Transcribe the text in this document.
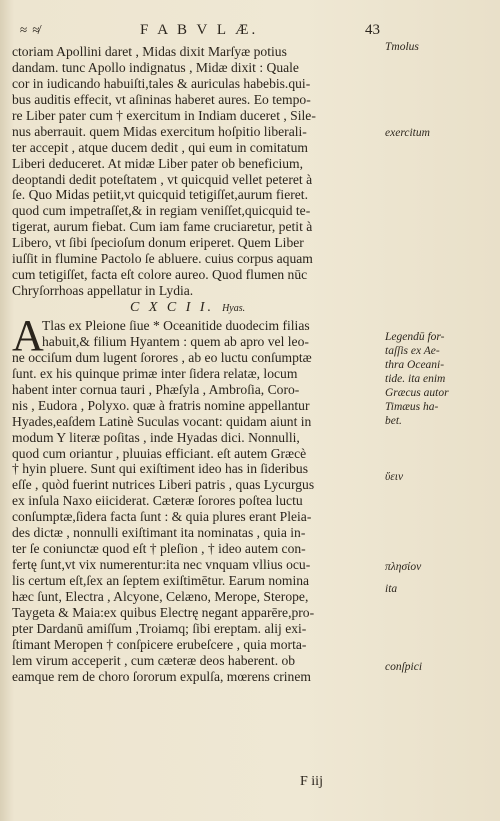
≈ ≉	F A B V L Æ.	43
ctoriam Apollini daret , Midas dixit Marſyæ potius
dandam. tunc Apollo indignatus , Midæ dixit : Quale
cor in iudicando habuiſti,tales & auriculas habebis.qui-
bus auditis effecit, vt aſininas haberet aures. Eo tempo-
re Liber pater cum † exercitum in Indiam duceret , Sile-
nus aberrauit. quem Midas exercitum hoſpitio liberali-
ter accepit , atque ducem dedit , qui eum in comitatum
Liberi deduceret. At midæ Liber pater ob beneficium,
deoptandi dedit poteſtatem , vt quicquid vellet peteret à
ſe. Quo Midas petiit,vt quicquid tetigiſſet,aurum fieret.
quod cum impetraſſet,& in regiam veniſſet,quicquid te-
tigerat, aurum fiebat. Cum iam fame cruciaretur, petit à
Libero, vt ſibi ſpecioſum donum eriperet. Quem Liber
iuſſit in flumine Pactolo ſe abluere. cuius corpus aquam
cum tetigiſſet, facta eſt colore aureo. Quod flumen nūc
Chryſorrhoas appellatur in Lydia.
C X C I I. Hyas.
A
Tlas ex Pleione ſiue * Oceanitide duodecim filias
habuit,& filium Hyantem : quem ab apro vel leo-
ne occiſum dum lugent ſorores , ab eo luctu conſumptæ
ſunt. ex his quinque primæ inter ſidera relatæ, locum
habent inter cornua tauri , Phæſyla , Ambroſia, Coro-
nis , Eudora , Polyxo. quæ à fratris nomine appellantur
Hyades,eaſdem Latinè Suculas vocant: quidam aiunt in
modum Y literæ poſitas , inde Hyadas dici. Nonnulli,
quod cum oriantur , pluuias efficiant. eſt autem Græcè
† hyin pluere. Sunt qui exiſtiment ideo has in ſideribus
eſſe , quòd fuerint nutrices Liberi patris , quas Lycurgus
ex inſula Naxo eiiciderat. Cæteræ ſorores poſtea luctu
conſumptæ,ſidera facta ſunt : & quia plures erant Pleia-
des dictæ , nonnulli exiſtimant ita nominatas , quia in-
ter ſe coniunctæ quod eſt † pleſion , † ideo autem con-
fertę ſunt,vt vix numerentur:ita nec vnquam vllius ocu-
lis certum eſt,ſex an ſeptem exiſtimētur. Earum nomina
hæc ſunt, Electra , Alcyone, Celæno, Merope, Sterope,
Taygeta & Maia:ex quibus Electrę negant apparēre,pro-
pter Dardanū amiſſum ,Troiamq; ſibi ereptam. alij exi-
ſtimant Meropen † conſpicere erubeſcere , quia morta-
lem virum acceperit , cum cæteræ deos haberent. ob
eamque rem de choro ſororum expulſa, mœrens crinem
Tmolus
exercitum
Legendū for-
taſſis ex Ae-
thra Oceani-
tide. ita enim
Græcus autor
Timæus ha-
bet.
ὕειν
πλησίον
ita
conſpici
F iij
